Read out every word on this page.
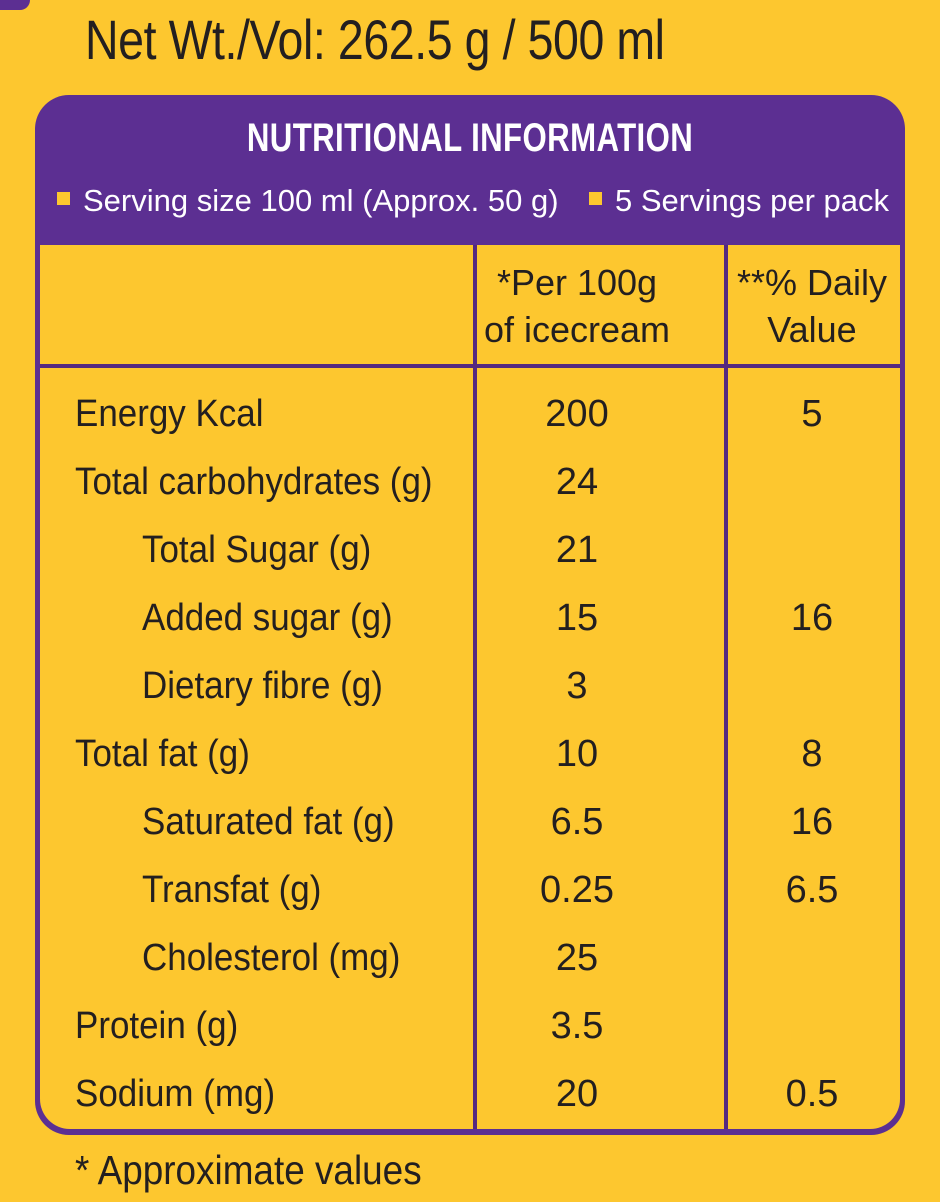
Net Wt./Vol: 262.5 g / 500 ml
NUTRITIONAL INFORMATION
Serving size 100 ml (Approx. 50 g) 5 Servings per pack
*Per 100g
of icecream
**% Daily
Value
Energy Kcal	200	5
Total carbohydrates (g)	24
Total Sugar (g)	21
Added sugar (g)	15	16
Dietary fibre (g)	3
Total fat (g)	10	8
Saturated fat (g)	6.5	16
Transfat (g)	0.25	6.5
Cholesterol (mg)	25
Protein (g)	3.5
Sodium (mg)	20	0.5
* Approximate values
